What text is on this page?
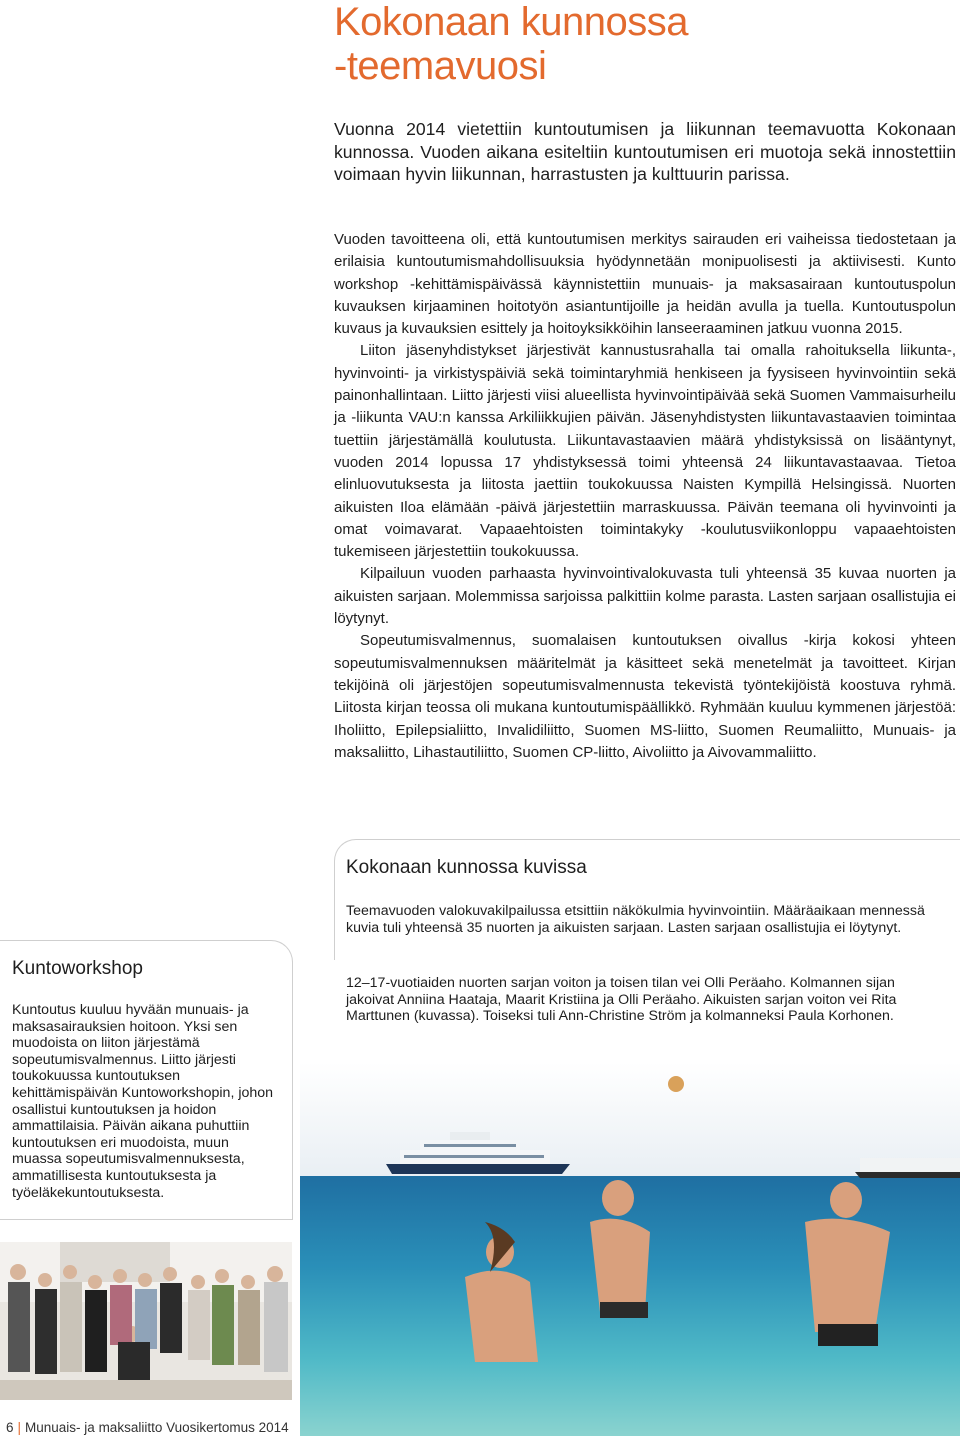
Kokonaan kunnossa
-teemavuosi
Vuonna 2014 vietettiin kuntoutumisen ja liikunnan teemavuotta Kokonaan kunnossa. Vuoden aikana esiteltiin kuntoutumisen eri muotoja sekä innostettiin voimaan hyvin liikunnan, harrastusten ja kulttuurin parissa.

Vuoden tavoitteena oli, että kuntoutumisen merkitys sairauden eri vaiheissa tiedostetaan ja erilaisia kuntoutumismahdollisuuksia hyödynnetään monipuolisesti ja aktiivisesti. Kunto workshop -kehittämispäivässä käynnistettiin munuais- ja maksasairaan kuntoutuspolun kuvauksen kirjaaminen hoitotyön asiantuntijoille ja heidän avulla ja tuella. Kuntoutuspolun kuvaus ja kuvauksien esittely ja hoitoyksikköihin lanseeraaminen jatkuu vuonna 2015.

Liiton jäsenyhdistykset järjestivät kannustusrahalla tai omalla rahoituksella liikunta-, hyvinvointi- ja virkistyspäiviä sekä toimintaryhmiä henkiseen ja fyysiseen hyvinvointiin sekä painonhallintaan. Liitto järjesti viisi alueellista hyvinvointipäivää sekä Suomen Vammaisurheilu ja -liikunta VAU:n kanssa Arkiliikkujien päivän. Jäsenyhdistysten liikuntavastaavien toimintaa tuettiin järjestämällä koulutusta. Liikuntavastaavien määrä yhdistyksissä on lisääntynyt, vuoden 2014 lopussa 17 yhdistyksessä toimi yhteensä 24 liikuntavastaavaa. Tietoa elinluovutuksesta ja liitosta jaettiin toukokuussa Naisten Kympillä Helsingissä. Nuorten aikuisten Iloa elämään -päivä järjestettiin marraskuussa. Päivän teemana oli hyvinvointi ja omat voimavarat. Vapaaehtoisten toimintakyky -koulutusviikonloppu vapaaehtoisten tukemiseen järjestettiin toukokuussa.

Kilpailuun vuoden parhaasta hyvinvointivalokuvasta tuli yhteensä 35 kuvaa nuorten ja aikuisten sarjaan. Molemmissa sarjoissa palkittiin kolme parasta. Lasten sarjaan osallistujia ei löytynyt.

Sopeutumisvalmennus, suomalaisen kuntoutuksen oivallus -kirja kokosi yhteen sopeutumisvalmennuksen määritelmät ja käsitteet sekä menetelmät ja tavoitteet. Kirjan tekijöinä oli järjestöjen sopeutumisvalmennusta tekevistä työntekijöistä koostuva ryhmä. Liitosta kirjan teossa oli mukana kuntoutumispäällikkö. Ryhmään kuuluu kymmenen järjestöä: Iholiitto, Epilepsialiitto, Invalidiliitto, Suomen MS-liitto, Suomen Reumaliitto, Munuais- ja maksaliitto, Lihastautiliitto, Suomen CP-liitto, Aivoliitto ja Aivovammaliitto.

Kokonaan kunnossa kuvissa
Teemavuoden valokuvakilpailussa etsittiin näkökulmia hyvinvointiin. Määräaikaan mennessä kuvia tuli yhteensä 35 nuorten ja aikuisten sarjaan. Lasten sarjaan osallistujia ei löytynyt.
12–17-vuotiaiden nuorten sarjan voiton ja toisen tilan vei Olli Peräaho. Kolmannen sijan jakoivat Anniina Haataja, Maarit Kristiina ja Olli Peräaho. Aikuisten sarjan voiton vei Rita Marttunen (kuvassa). Toiseksi tuli Ann-Christine Ström ja kolmanneksi Paula Korhonen.
Kuntoworkshop
Kuntoutus kuuluu hyvään munuais- ja maksasairauksien hoitoon. Yksi sen muodoista on liiton järjestämä sopeutumisvalmennus. Liitto järjesti toukokuussa kuntoutuksen kehittämispäivän Kuntoworkshopin, johon osallistui kuntoutuksen ja hoidon ammattilaisia. Päivän aikana puhuttiin kuntoutuksen eri muodoista, muun muassa sopeutumisvalmennuksesta, ammatillisesta kuntoutuksesta ja työeläkekuntoutuksesta.
6 | Munuais- ja maksaliitto Vuosikertomus 2014
